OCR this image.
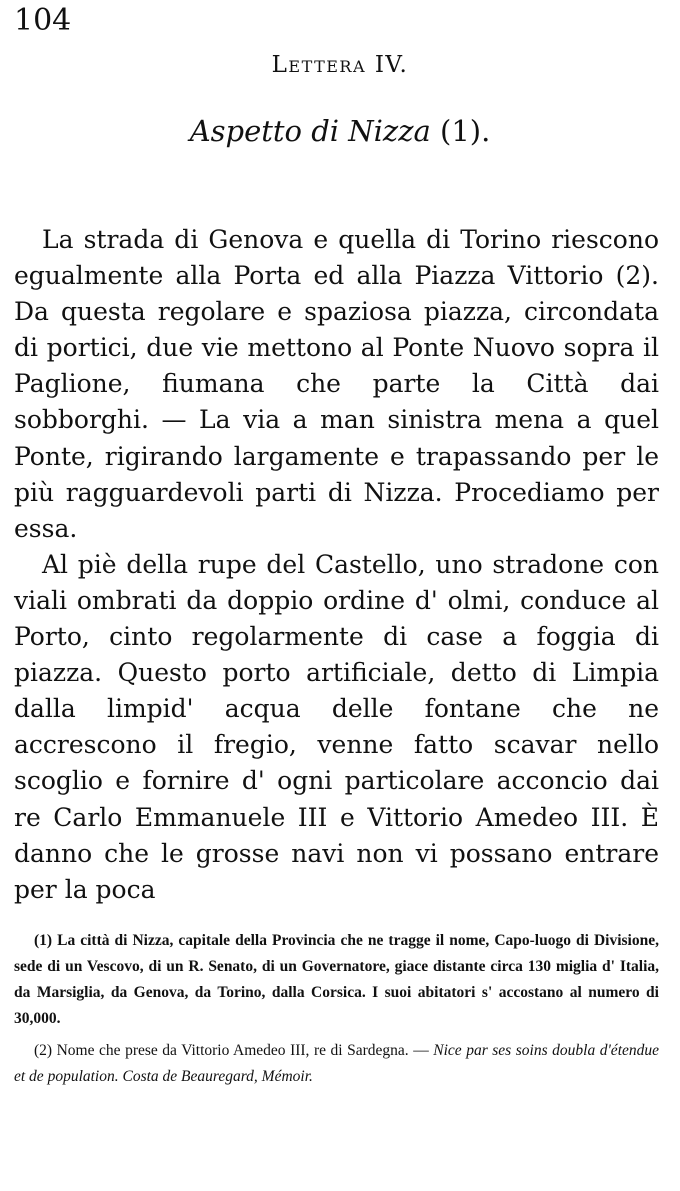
104
Lettera IV.
Aspetto di Nizza (1).

La strada di Genova e quella di Torino riescono egualmente alla Porta ed alla Piazza Vittorio (2). Da questa regolare e spaziosa piazza, circondata di portici, due vie mettono al Ponte Nuovo sopra il Paglione, fiumana che parte la Città dai sobborghi. — La via a man sinistra mena a quel Ponte, rigirando largamente e trapassando per le più ragguardevoli parti di Nizza. Procediamo per essa.

Al piè della rupe del Castello, uno stradone con viali ombrati da doppio ordine d' olmi, conduce al Porto, cinto regolarmente di case a foggia di piazza. Questo porto artificiale, detto di Limpia dalla limpid' acqua delle fontane che ne accrescono il fregio, venne fatto scavar nello scoglio e fornire d' ogni particolare acconcio dai re Carlo Emmanuele III e Vittorio Amedeo III. È danno che le grosse navi non vi possano entrare per la poca

(1) La città di Nizza, capitale della Provincia che ne tragge il nome, Capo-luogo di Divisione, sede di un Vescovo, di un R. Senato, di un Governatore, giace distante circa 130 miglia d' Italia, da Marsiglia, da Genova, da Torino, dalla Corsica. I suoi abitatori s' accostano al numero di 30,000.

(2) Nome che prese da Vittorio Amedeo III, re di Sardegna. — Nice par ses soins doubla d'étendue et de population. Costa de Beauregard, Mémoir.
